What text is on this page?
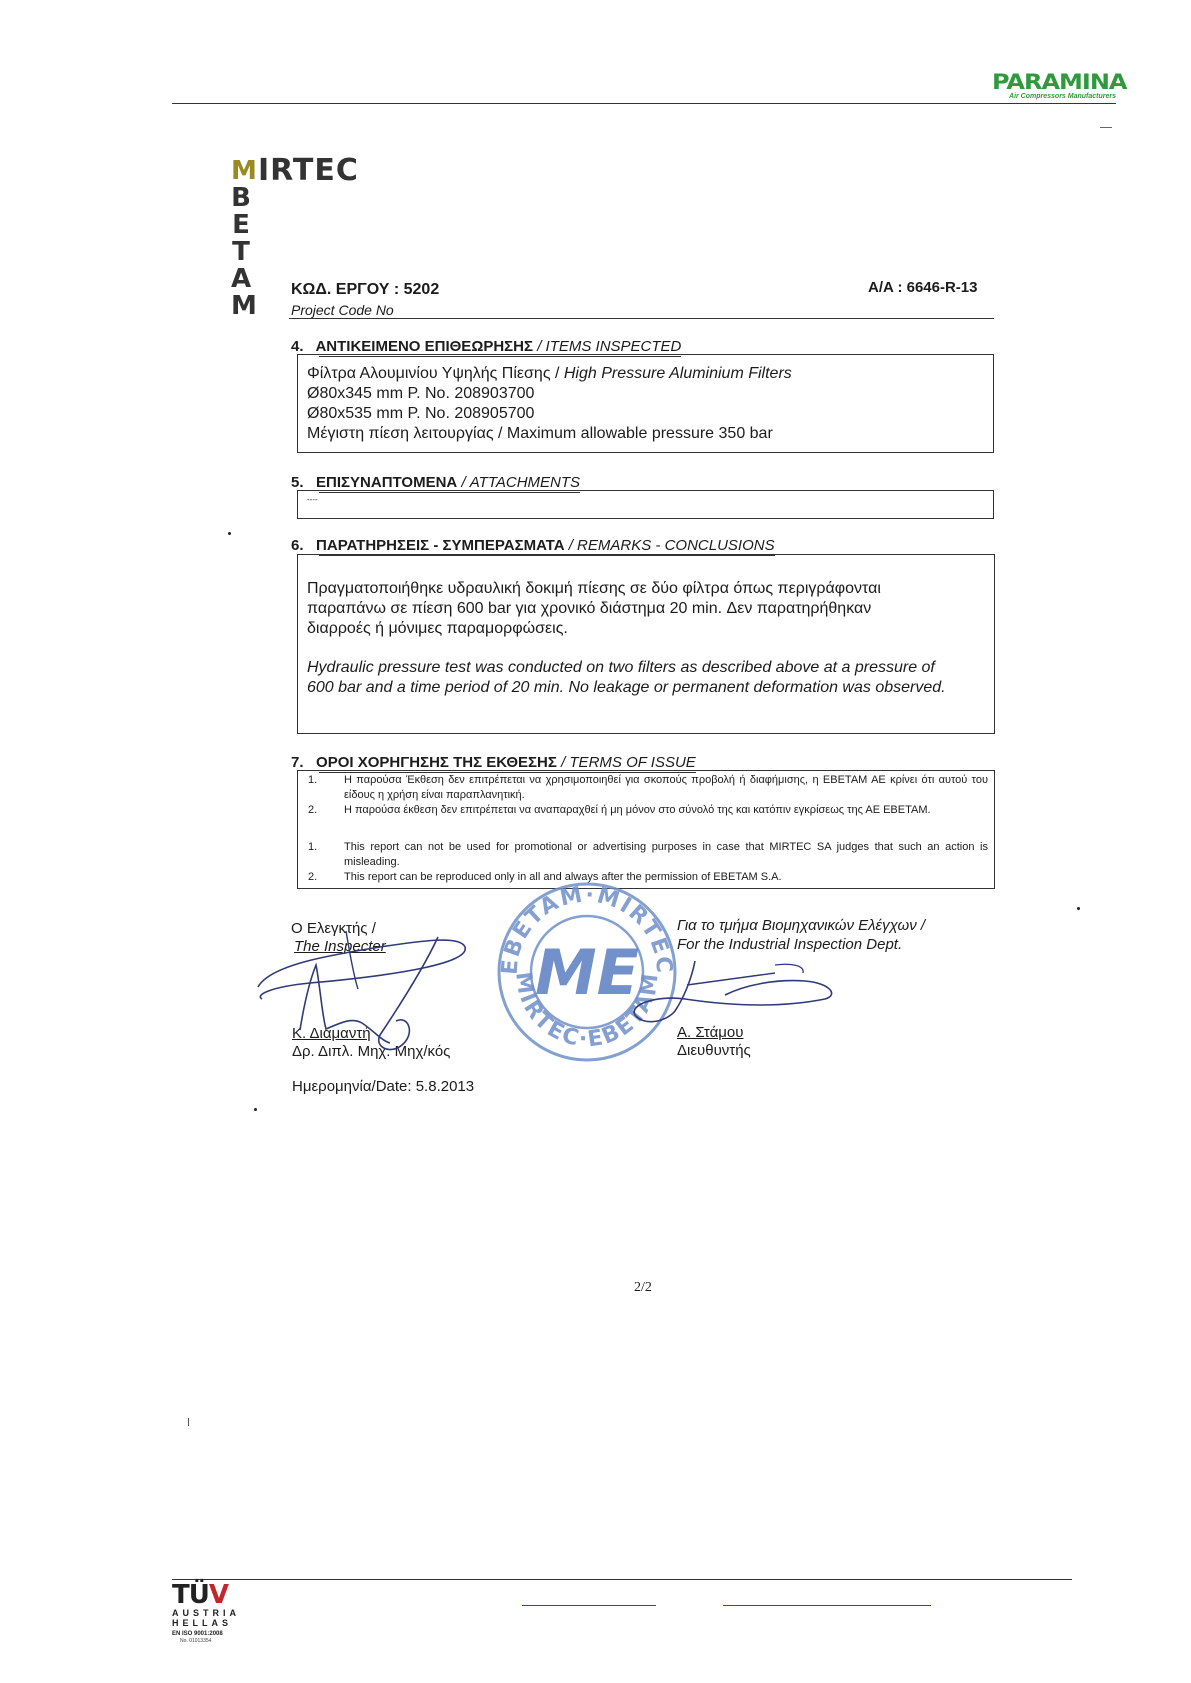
PARAMINA
Air Compressors Manufacturers
M
B
E
T
A
M
IRTEC
ΚΩΔ. ΕΡΓΟΥ : 5202
Project Code No
A/A : 6646-R-13
4. ΑΝΤΙΚΕΙΜΕΝΟ ΕΠΙΘΕΩΡΗΣΗΣ / ITEMS INSPECTED

Φίλτρα Αλουμινίου Υψηλής Πίεσης / High Pressure Aluminium Filters

Ø80x345 mm P. No. 208903700

Ø80x535 mm P. No. 208905700

Μέγιστη πίεση λειτουργίας / Maximum allowable pressure 350 bar

5. ΕΠΙΣΥΝΑΠΤΟΜΕΝΑ / ATTACHMENTS
----
6. ΠΑΡΑΤΗΡΗΣΕΙΣ - ΣΥΜΠΕΡΑΣΜΑΤΑ / REMARKS - CONCLUSIONS

Πραγματοποιήθηκε υδραυλική δοκιμή πίεσης σε δύο φίλτρα όπως περιγράφονται

παραπάνω σε πίεση 600 bar για χρονικό διάστημα 20 min. Δεν παρατηρήθηκαν

διαρροές ή μόνιμες παραμορφώσεις.

Hydraulic pressure test was conducted on two filters as described above at a pressure of

600 bar and a time period of 20 min. No leakage or permanent deformation was observed.

7. ΟΡΟΙ ΧΟΡΗΓΗΣΗΣ ΤΗΣ ΕΚΘΕΣΗΣ / TERMS OF ISSUE
1. Η παρούσα Έκθεση δεν επιτρέπεται να χρησιμοποιηθεί για σκοπούς προβολή ή διαφήμισης, η ΕΒΕΤΑΜ ΑΕ κρίνει ότι αυτού του είδους η χρήση είναι παραπλανητική.
2. Η παρούσα έκθεση δεν επιτρέπεται να αναπαραχθεί ή μη μόνον στο σύνολό της και κατόπιν εγκρίσεως της ΑΕ ΕΒΕΤΑΜ.
1. This report can not be used for promotional or advertising purposes in case that MIRTEC SA judges that such an action is misleading.
2. This report can be reproduced only in all and always after the permission of EBETAM S.A.
EBETAM·MIRTEC
MIRTEC·EBETAM
ME
Ο Ελεγκτής /
The Inspecter
Κ. Διαμαντή
Δρ. Διπλ. Μηχ. Μηχ/κός
Για το τμήμα Βιομηχανικών Ελέγχων /
For the Industrial Inspection Dept.
Α. Στάμου
Διευθυντής
Ημερομηνία/Date: 5.8.2013
2/2
TÜV
AUSTRIA
HELLAS
EN ISO 9001:2008
No. 01013354
